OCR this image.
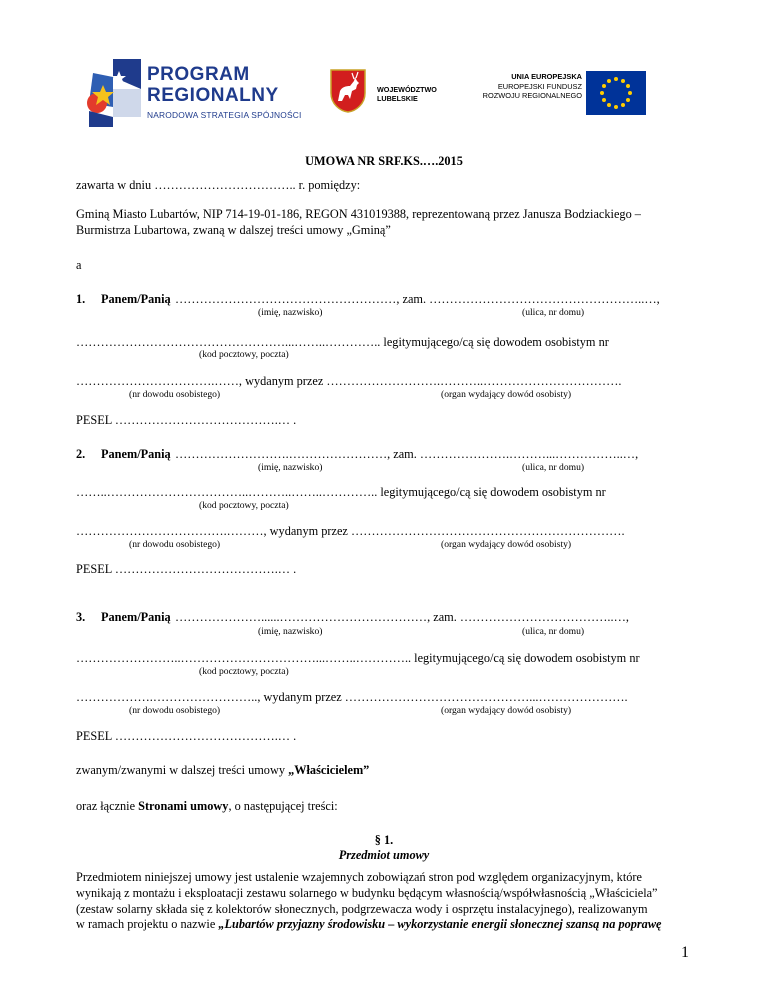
PROGRAM
REGIONALNY
NARODOWA STRATEGIA SPÓJNOŚCI
WOJEWÓDZTWO
LUBELSKIE
UNIA EUROPEJSKA
EUROPEJSKI FUNDUSZ
ROZWOJU REGIONALNEGO
UMOWA NR SRF.KS.….2015
zawarta w dniu …………………………….. r. pomiędzy:
Gminą Miasto Lubartów, NIP 714-19-01-186, REGON 431019388, reprezentowaną przez Janusza Bodziackiego –
Burmistrza Lubartowa, zwaną w dalszej treści umowy „Gminą”
a
1. Panem/Panią ………………………………………………, zam. ……………………………………………..…,
(imię, nazwisko)	(ulica, nr domu)
……………………………………………...……..………….. legitymującego/cą się dowodem osobistym nr
(kod pocztowy, poczta)
…………………………….……, wydanym przez ……………………….………..…………………………….
(nr dowodu osobistego)	(organ wydający dowód osobisty)
PESEL ………………………………….… .
2. Panem/Panią ……………………….……………………, zam. ………………….………...……………..…,
(imię, nazwisko)	(ulica, nr domu)
……..……………………………..………..……..………….. legitymującego/cą się dowodem osobistym nr
(kod pocztowy, poczta)
……………………………….………, wydanym przez ………………………………………………………….
(nr dowodu osobistego)	(organ wydający dowód osobisty)
PESEL ………………………………….… .
3. Panem/Panią …………………......………………………………, zam. ………………………………..…,
(imię, nazwisko)	(ulica, nr domu)
……………………..……………………………...……..………….. legitymującego/cą się dowodem osobistym nr
(kod pocztowy, poczta)
……………….…………………….., wydanym przez ………………………………………...………………….
(nr dowodu osobistego)	(organ wydający dowód osobisty)
PESEL ………………………………….… .
zwanym/zwanymi w dalszej treści umowy „Właścicielem”
oraz łącznie Stronami umowy, o następującej treści:
§ 1.
Przedmiot umowy
Przedmiotem niniejszej umowy jest ustalenie wzajemnych zobowiązań stron pod względem organizacyjnym, które
wynikają z montażu i eksploatacji zestawu solarnego w budynku będącym własnością/współwłasnością „Właściciela”
(zestaw solarny składa się z kolektorów słonecznych, podgrzewacza wody i osprzętu instalacyjnego), realizowanym
w ramach projektu o nazwie „Lubartów przyjazny środowisku – wykorzystanie energii słonecznej szansą na poprawę
1
